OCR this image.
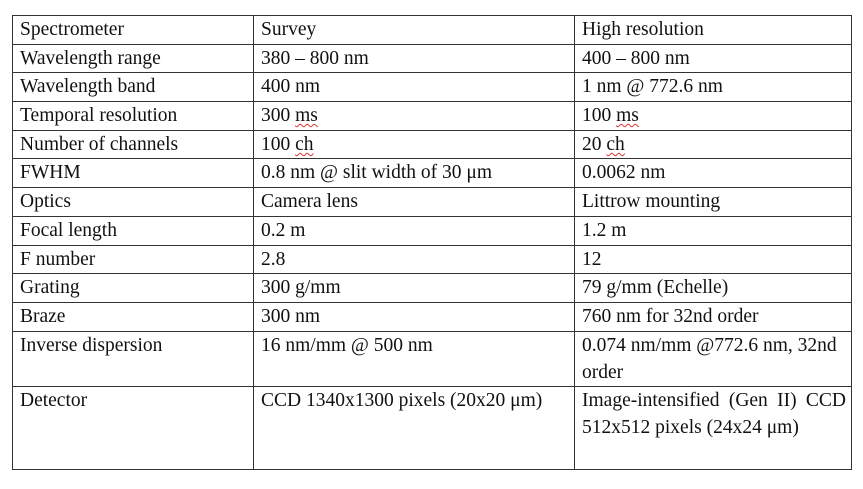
Spectrometer	Survey	High resolution
Wavelength range	380 – 800 nm	400 – 800 nm
Wavelength band	400 nm	1 nm @ 772.6 nm
Temporal resolution	300 ms	100 ms
Number of channels	100 ch	20 ch
FWHM	0.8 nm @ slit width of 30 μm	0.0062 nm
Optics	Camera lens	Littrow mounting
Focal length	0.2 m	1.2 m
F number	2.8	12
Grating	300 g/mm	79 g/mm (Echelle)
Braze	300 nm	760 nm for 32nd order
Inverse dispersion	16 nm/mm @ 500 nm	0.074 nm/mm @772.6 nm, 32nd order
Detector	CCD 1340x1300 pixels (20x20 μm)	Image-intensified (Gen II) CCD 512x512 pixels (24x24 μm)
